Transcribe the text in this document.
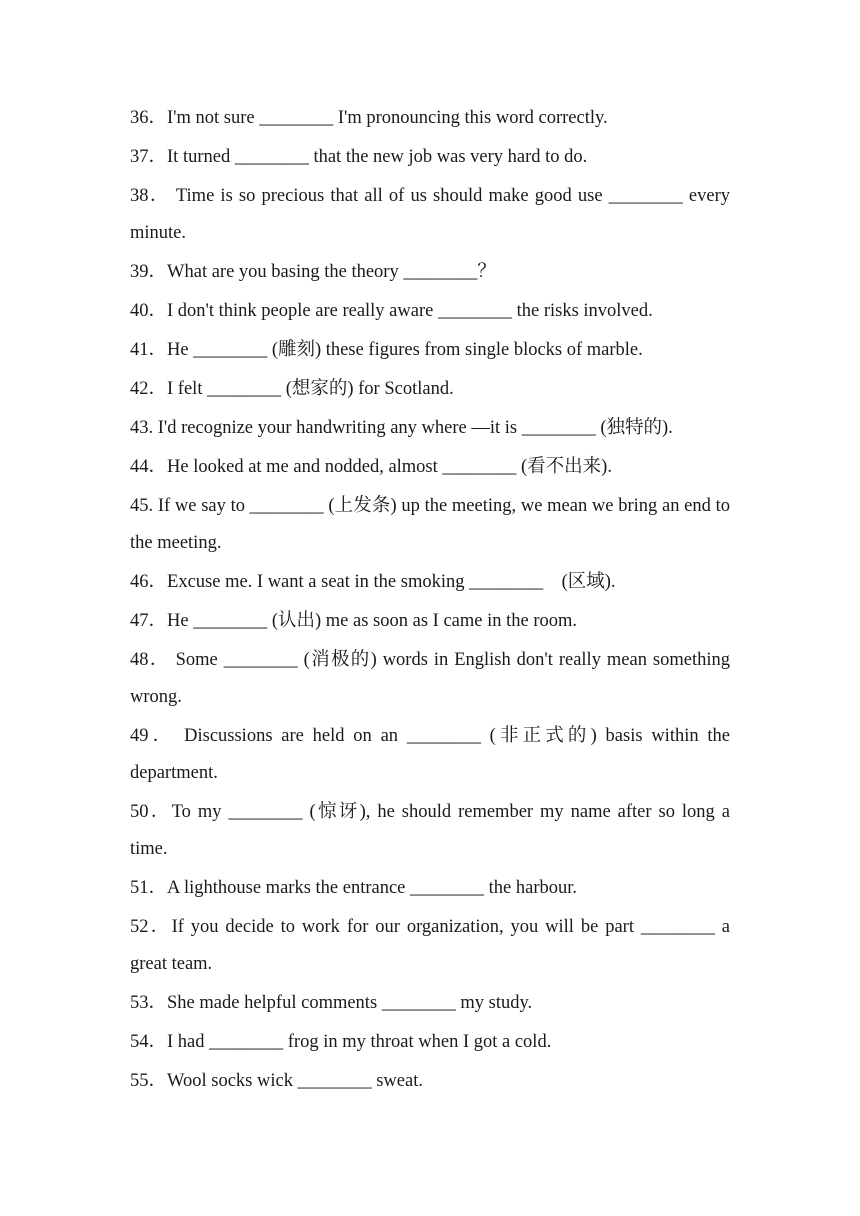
36．I'm not sure ________ I'm pronouncing this word correctly.
37．It turned ________ that the new job was very hard to do.
38． Time is so precious that all of us should make good use ________ every minute.
39．What are you basing the theory ________？
40．I don't think people are really aware ________ the risks involved.
41．He ________ (雕刻) these figures from single blocks of marble.
42．I felt ________ (想家的) for Scotland.
43. I'd recognize your handwriting any where —it is ________ (独特的).
44．He looked at me and nodded, almost ________ (看不出来).
45. If we say to ________ (上发条) up the meeting, we mean we bring an end to the meeting.
46．Excuse me. I want a seat in the smoking ________　(区域).
47．He ________ (认出) me as soon as I came in the room.
48． Some ________ (消极的) words in English don't really mean something wrong.
49． Discussions are held on an ________ (非正式的) basis within the department.
50．To my ________ (惊讶), he should remember my name after so long a time.
51．A lighthouse marks the entrance ________ the harbour.
52．If you decide to work for our organization, you will be part ________ a great team.
53．She made helpful comments ________ my study.
54．I had ________ frog in my throat when I got a cold.
55．Wool socks wick ________ sweat.
